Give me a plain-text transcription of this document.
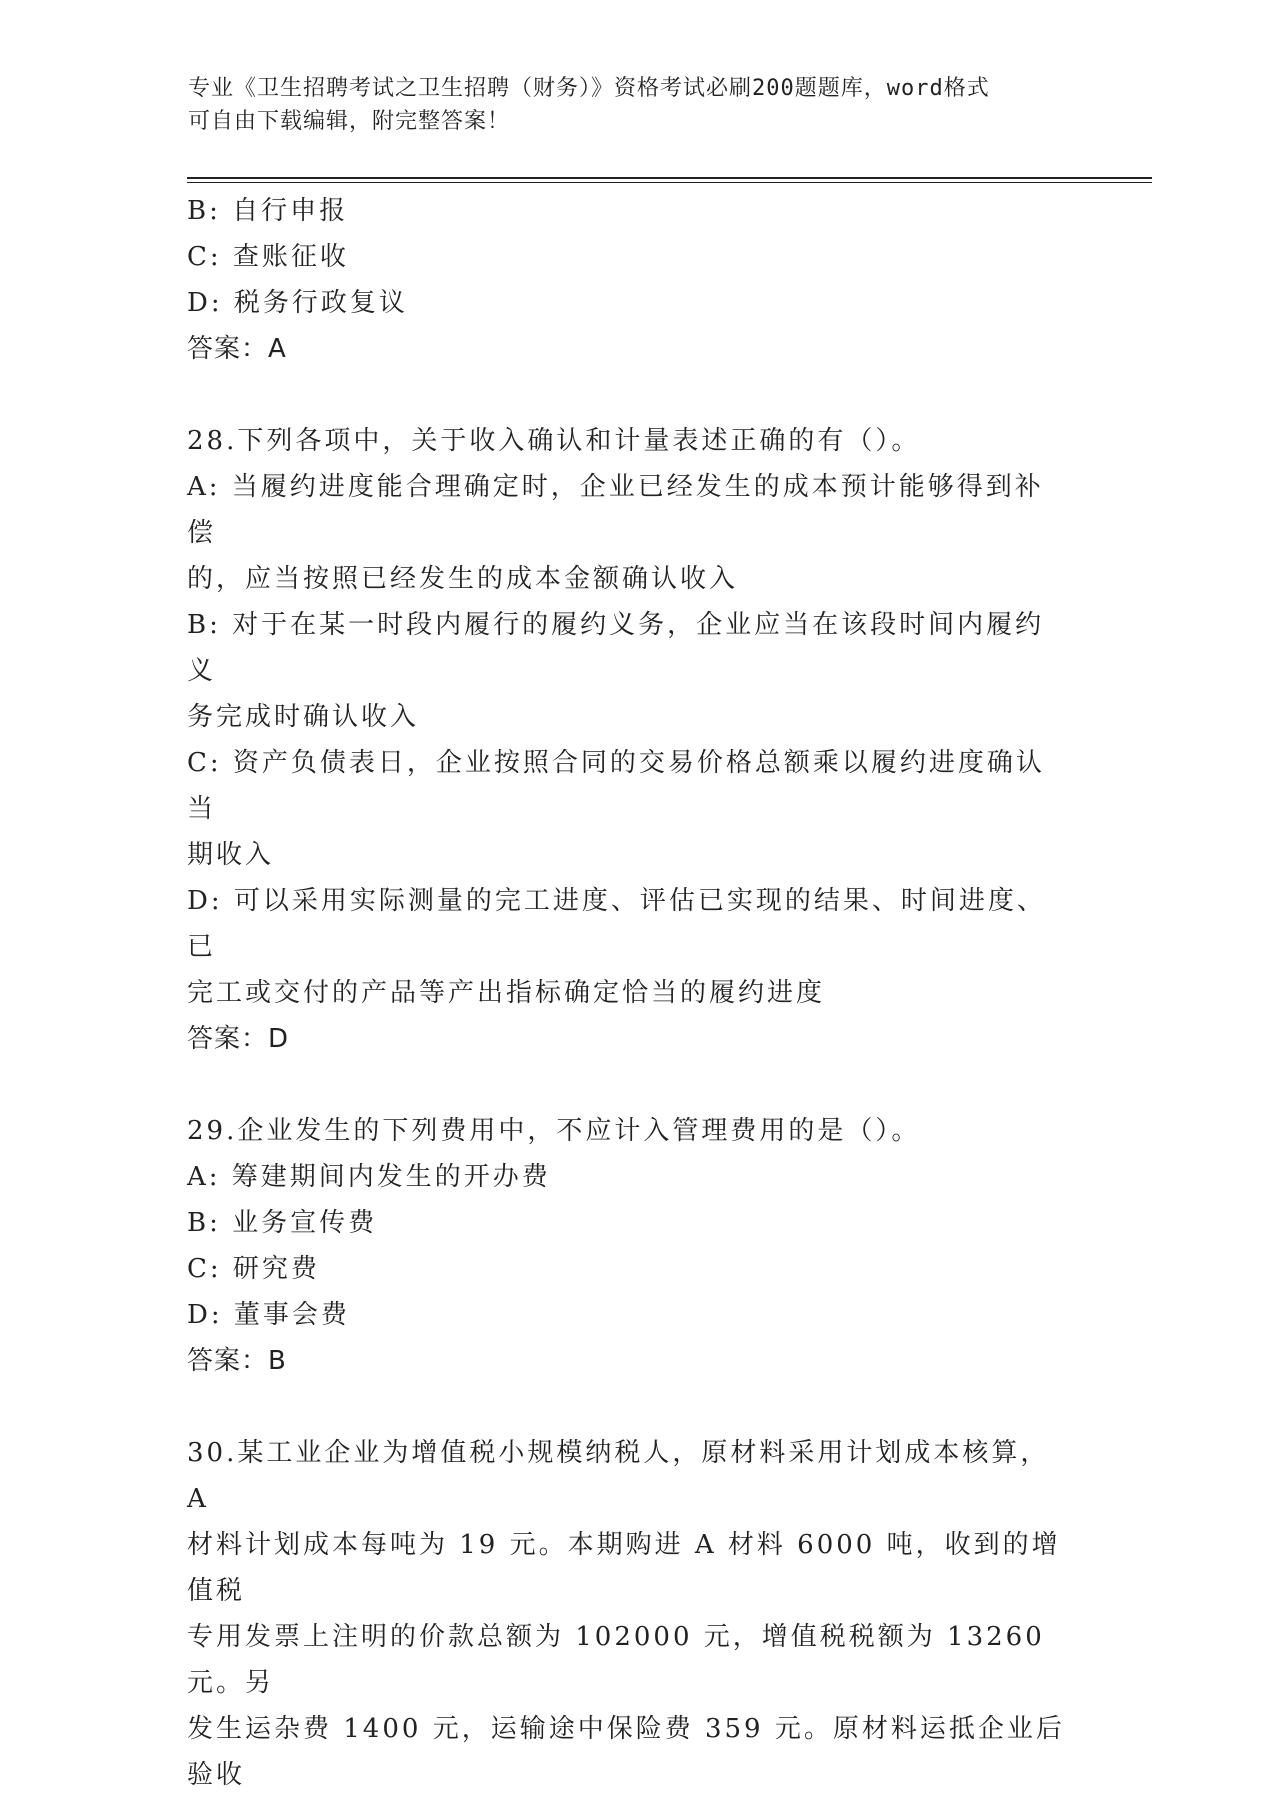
专业《卫生招聘考试之卫生招聘（财务）》资格考试必刷200题题库，word格式
可自由下载编辑，附完整答案！
B: 自行申报
C: 查账征收
D: 税务行政复议
答案：A
28.下列各项中，关于收入确认和计量表述正确的有（）。
A: 当履约进度能合理确定时，企业已经发生的成本预计能够得到补偿
的，应当按照已经发生的成本金额确认收入
B: 对于在某一时段内履行的履约义务，企业应当在该段时间内履约义
务完成时确认收入
C: 资产负债表日，企业按照合同的交易价格总额乘以履约进度确认当
期收入
D: 可以采用实际测量的完工进度、评估已实现的结果、时间进度、已
完工或交付的产品等产出指标确定恰当的履约进度
答案：D
29.企业发生的下列费用中，不应计入管理费用的是（）。
A: 筹建期间内发生的开办费
B: 业务宣传费
C: 研究费
D: 董事会费
答案：B
30.某工业企业为增值税小规模纳税人，原材料采用计划成本核算，A
材料计划成本每吨为 19 元。本期购进 A 材料 6000 吨，收到的增值税
专用发票上注明的价款总额为 102000 元，增值税税额为 13260 元。另
发生运杂费 1400 元，运输途中保险费 359 元。原材料运抵企业后验收
